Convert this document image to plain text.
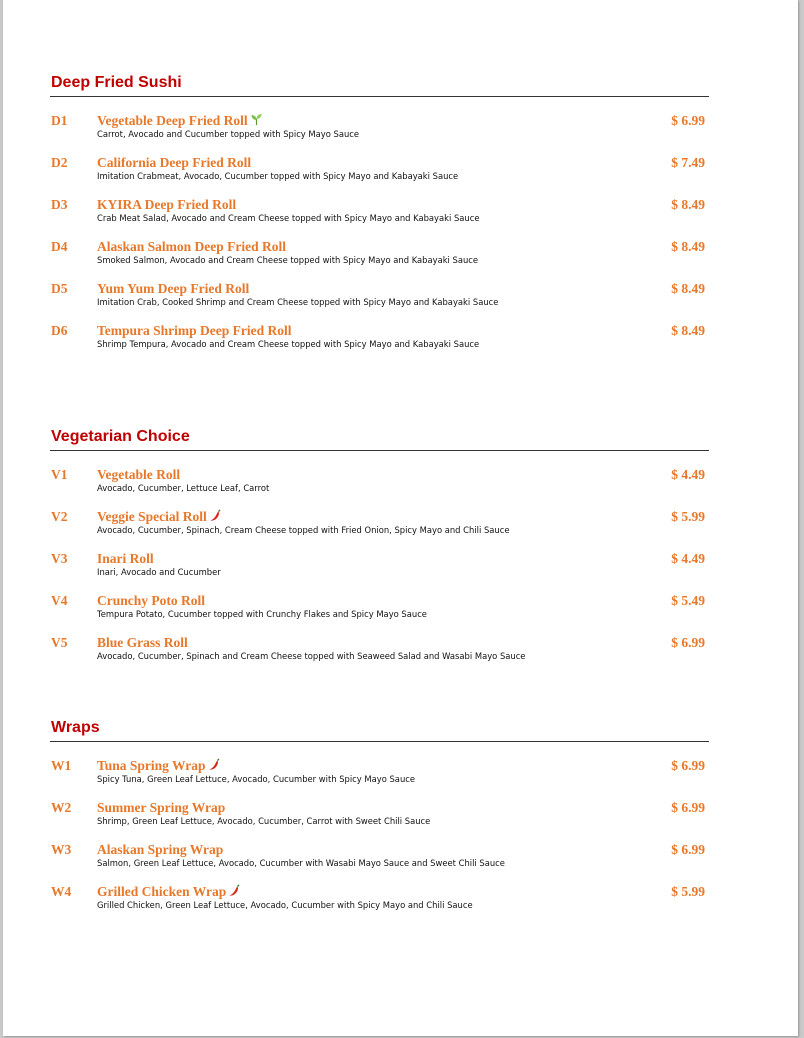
Deep Fried Sushi
D1 Vegetable Deep Fried Roll
Carrot, Avocado and Cucumber topped with Spicy Mayo Sauce
$ 6.99
D2 California Deep Fried Roll
Imitation Crabmeat, Avocado, Cucumber topped with Spicy Mayo and Kabayaki Sauce
$ 7.49
D3 KYIRA Deep Fried Roll
Crab Meat Salad, Avocado and Cream Cheese topped with Spicy Mayo and Kabayaki Sauce
$ 8.49
D4 Alaskan Salmon Deep Fried Roll
Smoked Salmon, Avocado and Cream Cheese topped with Spicy Mayo and Kabayaki Sauce
$ 8.49
D5 Yum Yum Deep Fried Roll
Imitation Crab, Cooked Shrimp and Cream Cheese topped with Spicy Mayo and Kabayaki Sauce
$ 8.49
D6 Tempura Shrimp Deep Fried Roll
Shrimp Tempura, Avocado and Cream Cheese topped with Spicy Mayo and Kabayaki Sauce
$ 8.49
Vegetarian Choice
V1 Vegetable Roll
Avocado, Cucumber, Lettuce Leaf, Carrot
$ 4.49
V2 Veggie Special Roll
Avocado, Cucumber, Spinach, Cream Cheese topped with Fried Onion, Spicy Mayo and Chili Sauce
$ 5.99
V3 Inari Roll
Inari, Avocado and Cucumber
$ 4.49
V4 Crunchy Poto Roll
Tempura Potato, Cucumber topped with Crunchy Flakes and Spicy Mayo Sauce
$ 5.49
V5 Blue Grass Roll
Avocado, Cucumber, Spinach and Cream Cheese topped with Seaweed Salad and Wasabi Mayo Sauce
$ 6.99
Wraps
W1 Tuna Spring Wrap
Spicy Tuna, Green Leaf Lettuce, Avocado, Cucumber with Spicy Mayo Sauce
$ 6.99
W2 Summer Spring Wrap
Shrimp, Green Leaf Lettuce, Avocado, Cucumber, Carrot with Sweet Chili Sauce
$ 6.99
W3 Alaskan Spring Wrap
Salmon, Green Leaf Lettuce, Avocado, Cucumber with Wasabi Mayo Sauce and Sweet Chili Sauce
$ 6.99
W4 Grilled Chicken Wrap
Grilled Chicken, Green Leaf Lettuce, Avocado, Cucumber with Spicy Mayo and Chili Sauce
$ 5.99
